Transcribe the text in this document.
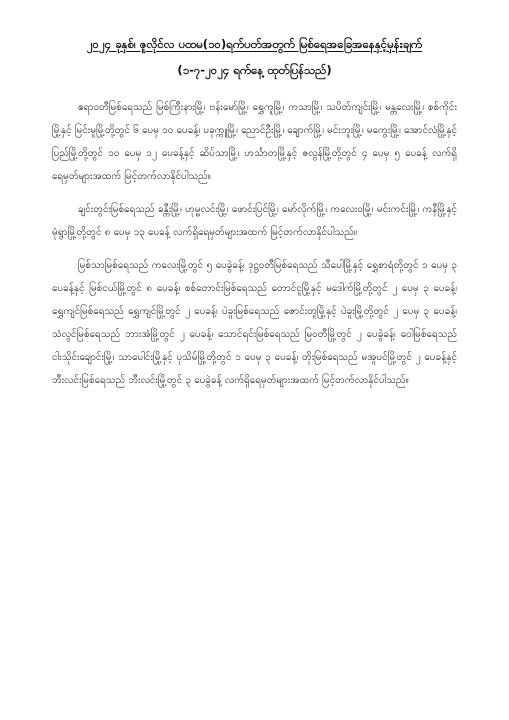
၂၀၂၄ ခုနှစ်၊ ဇူလိုင်လ ပထမ(၁၀)ရက်ပတ်အတွက် မြစ်ရေအခြေအနေနှင့်မှန်းချက်

(၁-၇-၂၀၂၄ ရက်နေ့ ထုတ်ပြန်သည်)

ဧရာဝတီမြစ်ရေသည် မြစ်ကြီးနားမြို့၊ ဗန်းမော်မြို့၊ ရွှေကူမြို့၊ ကသာမြို့၊ သပိတ်ကျင်းမြို့၊ မန္တလေးမြို့၊ စစ်ကိုင်းမြို့နှင့် မြင်းမူမြို့တို့တွင် ၆ ပေမှ ၁၀ ပေခန့်၊ ပခုက္ကူမြို့၊ ညောင်ဦးမြို့၊ ချောက်မြို့၊ မင်းဘူးမြို့၊ မကွေးမြို့၊ အောင်လံမြို့နှင့် ပြည်မြို့တို့တွင် ၁၀ ပေမှ ၁၂ ပေခန့်နှင့် ဆိပ်သာမြို့၊ ဟင်္သာတမြို့နှင့် ဇလွန်မြို့တို့တွင် ၄ ပေမှ ၅ ပေခန့် လက်ရှိရေမှတ်များအထက် မြင့်တက်လာနိုင်ပါသည်။

ချင်းတွင်းမြစ်ရေသည် ခန္တီးမြို့၊ ဟုမ္မလင်းမြို့၊ ဖောင်းပြင်မြို့၊ မော်လိုက်မြို့၊ ကလေးဝမြို့၊ မင်းကင်းမြို့၊ ကနီမြို့နှင့် မုံရွာမြို့တို့တွင် ၈ ပေမှ ၁၃ ပေခန့် လက်ရှိရေမှတ်များအထက် မြင့်တက်လာနိုင်ပါသည်။

မြစ်သာမြစ်ရေသည် ကလေးမြို့တွင် ၅ ပေခွဲခန့်၊ ဒုဋ္ဌဝတီမြစ်ရေသည် သီပေါမြို့နှင့် ရွှေစာရံတို့တွင် ၁ ပေမှ ၃ ပေခန့်နှင့် မြစ်ငယ်မြို့တွင် ၈ ပေခန့်၊ စစ်တောင်းမြစ်ရေသည် တောင်ငူမြို့နှင့် မဒေါက်မြို့တို့တွင် ၂ ပေမှ ၃ ပေခန့်၊ ရွှေကျင်မြစ်ရေသည် ရွှေကျင်မြို့တွင် ၂ ပေခန့်၊ ပဲခူးမြစ်ရေသည် ဇောင်းတူမြို့နှင့် ပဲခူးမြို့တို့တွင် ၂ ပေမှ ၃ ပေခန့်၊ သံလွင်မြစ်ရေသည် ဘားအံမြို့တွင် ၂ ပေခန့်၊ သောင်ရင်းမြစ်ရေသည် မြဝတီမြို့တွင် ၂ ပေခွဲခန့်၊ ဝေါမြစ်ရေသည် ငါးသိုင်းချောင်းမြို့၊ သာပေါင်းမြို့နှင့် ပုသိမ်မြို့တို့တွင် ၁ ပေမှ ၃ ပေခန့်၊ တိုးမြစ်ရေသည် မအူပင်မြို့တွင် ၂ ပေခန့်နှင့် ဘီးလင်းမြစ်ရေသည် ဘီးလင်းမြို့တွင် ၃ ပေခွဲခန့် လက်ရှိရေမှတ်များအထက် မြင့်တက်လာနိုင်ပါသည်။
